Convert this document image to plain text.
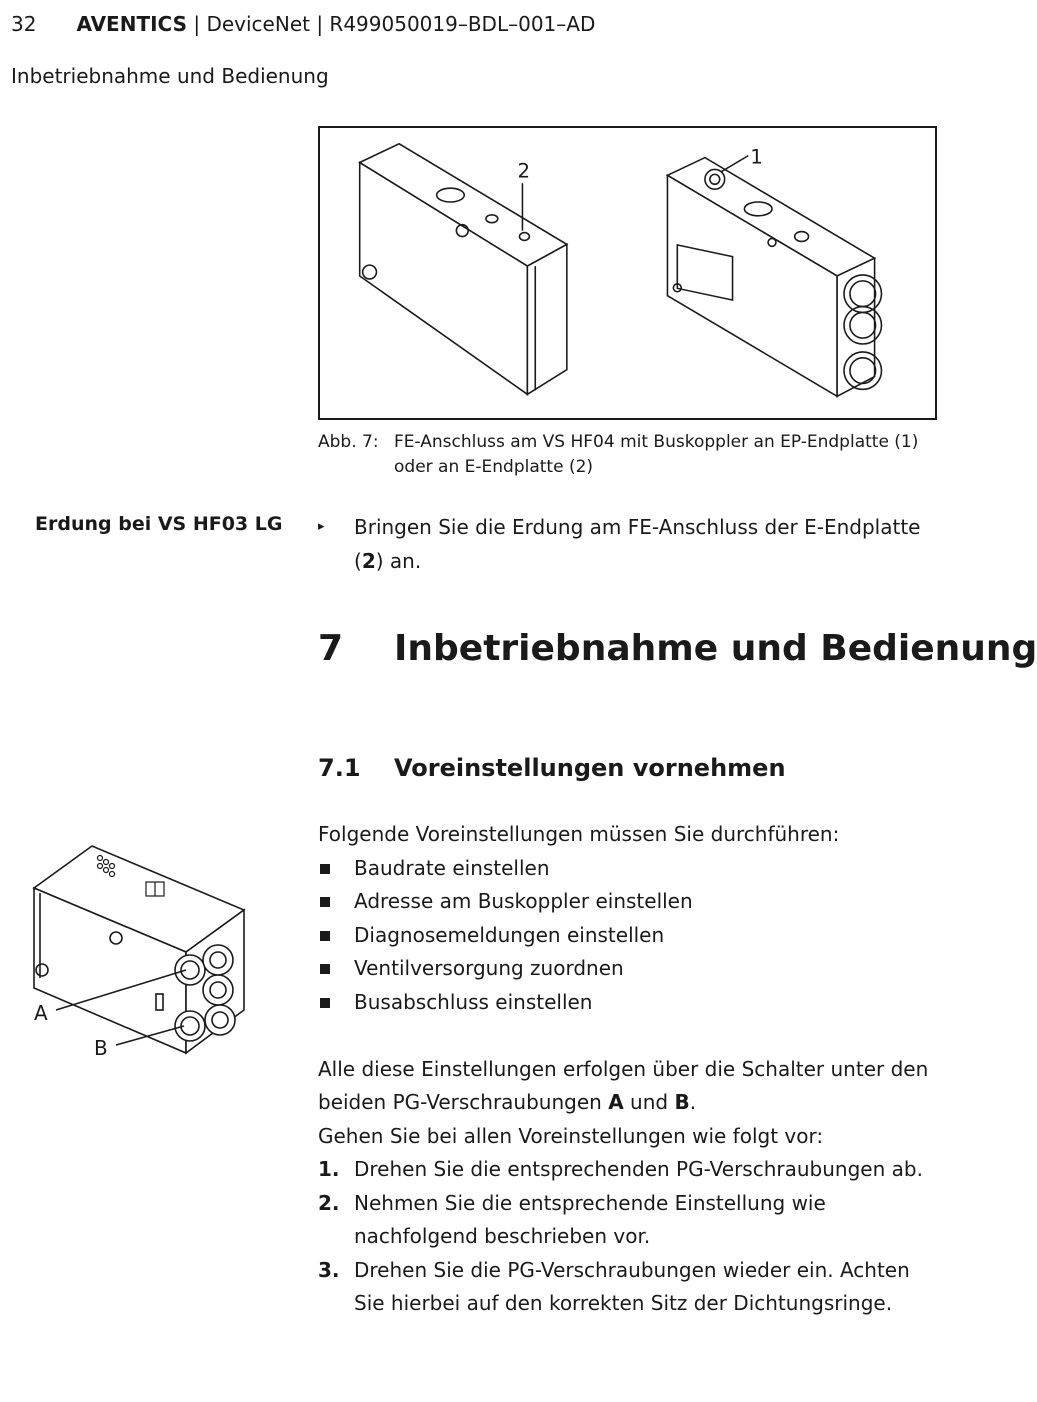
32 AVENTICS | DeviceNet | R499050019–BDL–001–AD
Inbetriebnahme und Bedienung
2
1
Abb. 7: FE-Anschluss am VS HF04 mit Buskoppler an EP-Endplatte (1) oder an E-Endplatte (2)
Erdung bei VS HF03 LG	▸ Bringen Sie die Erdung am FE-Anschluss der E-Endplatte (2) an.
7 Inbetriebnahme und Bedienung
7.1 Voreinstellungen vornehmen
A
B

Folgende Voreinstellungen müssen Sie durchführen:

Baudrate einstellen
Adresse am Buskoppler einstellen
Diagnosemeldungen einstellen
Ventilversorgung zuordnen
Busabschluss einstellen

Alle diese Einstellungen erfolgen über die Schalter unter den beiden PG-Verschraubungen A und B.

Gehen Sie bei allen Voreinstellungen wie folgt vor:

1. Drehen Sie die entsprechenden PG-Verschraubungen ab.
2. Nehmen Sie die entsprechende Einstellung wie nachfolgend beschrieben vor.
3. Drehen Sie die PG-Verschraubungen wieder ein. Achten Sie hierbei auf den korrekten Sitz der Dichtungsringe.
